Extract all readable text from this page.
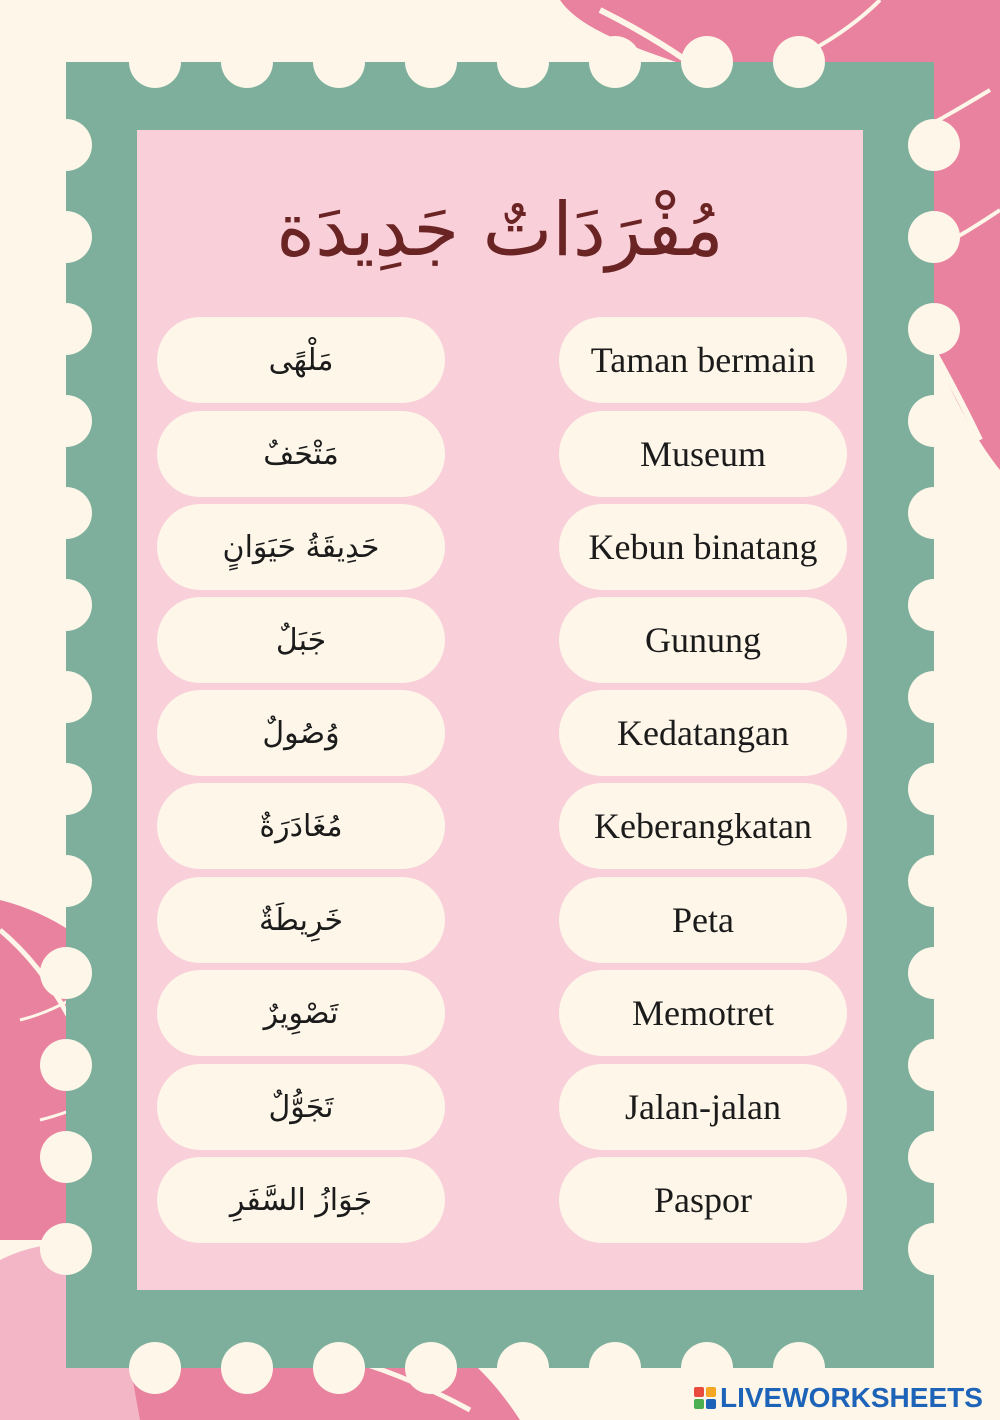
مُفْرَدَاتٌ جَدِيدَة
مَلْهًى	Taman bermain
مَتْحَفٌ	Museum
حَدِيقَةُ حَيَوَانٍ	Kebun binatang
جَبَلٌ	Gunung
وُصُولٌ	Kedatangan
مُغَادَرَةٌ	Keberangkatan
خَرِيطَةٌ	Peta
تَصْوِيرٌ	Memotret
تَجَوُّلٌ	Jalan-jalan
جَوَازُ السَّفَرِ	Paspor
LIVEWORKSHEETS
